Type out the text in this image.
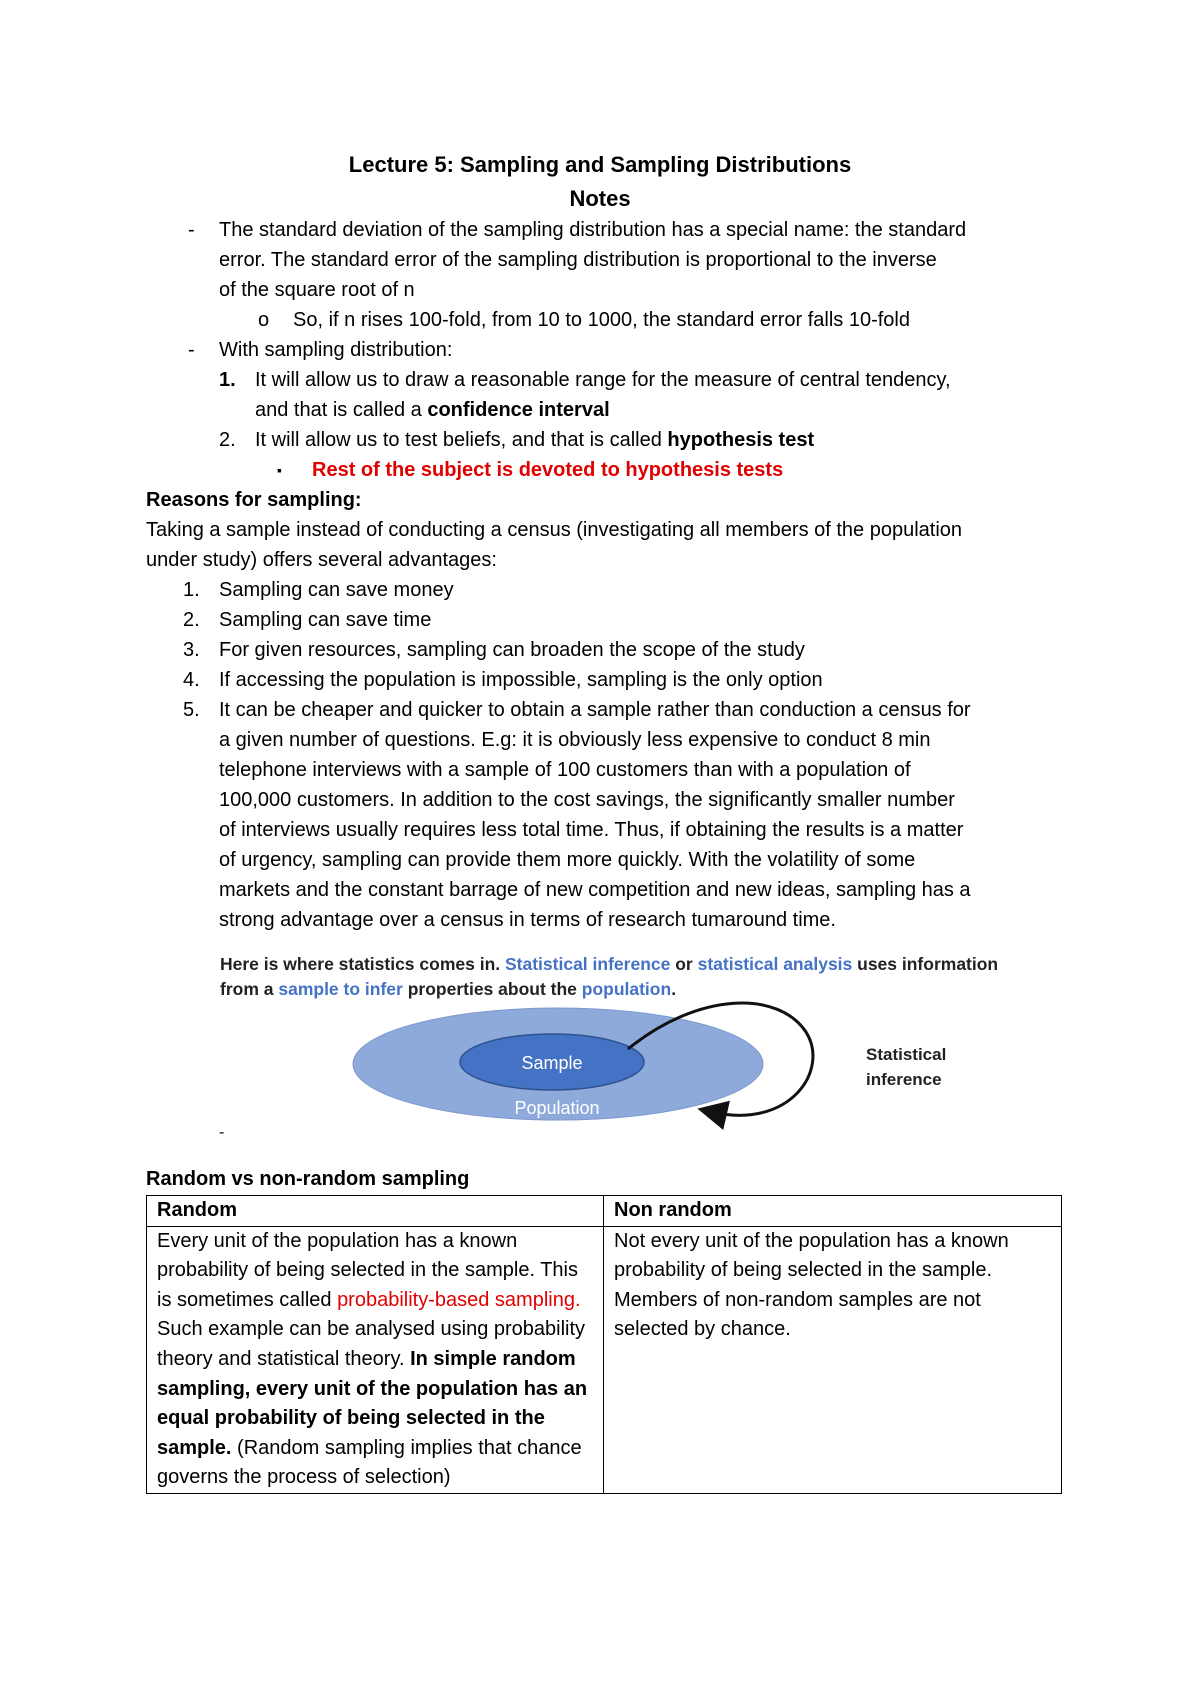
Lecture 5: Sampling and Sampling Distributions
Notes
- The standard deviation of the sampling distribution has a special name: the standard
error. The standard error of the sampling distribution is proportional to the inverse
of the square root of n
o So, if n rises 100-fold, from 10 to 1000, the standard error falls 10-fold
- With sampling distribution:
1. It will allow us to draw a reasonable range for the measure of central tendency,
and that is called a confidence interval
2. It will allow us to test beliefs, and that is called hypothesis test
▪ Rest of the subject is devoted to hypothesis tests
Reasons for sampling:
Taking a sample instead of conducting a census (investigating all members of the population
under study) offers several advantages:
1. Sampling can save money
2. Sampling can save time
3. For given resources, sampling can broaden the scope of the study
4. If accessing the population is impossible, sampling is the only option
5. It can be cheaper and quicker to obtain a sample rather than conduction a census for
a given number of questions. E.g: it is obviously less expensive to conduct 8 min
telephone interviews with a sample of 100 customers than with a population of
100,000 customers. In addition to the cost savings, the significantly smaller number
of interviews usually requires less total time. Thus, if obtaining the results is a matter
of urgency, sampling can provide them more quickly. With the volatility of some
markets and the constant barrage of new competition and new ideas, sampling has a
strong advantage over a census in terms of research tumaround time.
Sample
Population
Statistical
inference
Here is where statistics comes in. Statistical inference or statistical analysis uses information
from a sample to infer properties about the population.
-
Random vs non-random sampling
Random	Non random
Every unit of the population has a known probability of being selected in the sample. This is sometimes called probability-based sampling.
Such example can be analysed using probability theory and statistical theory. In simple random sampling, every unit of the population has an equal probability of being selected in the sample. (Random sampling implies that chance governs the process of selection)	Not every unit of the population has a known probability of being selected in the sample. Members of non-random samples are not selected by chance.
